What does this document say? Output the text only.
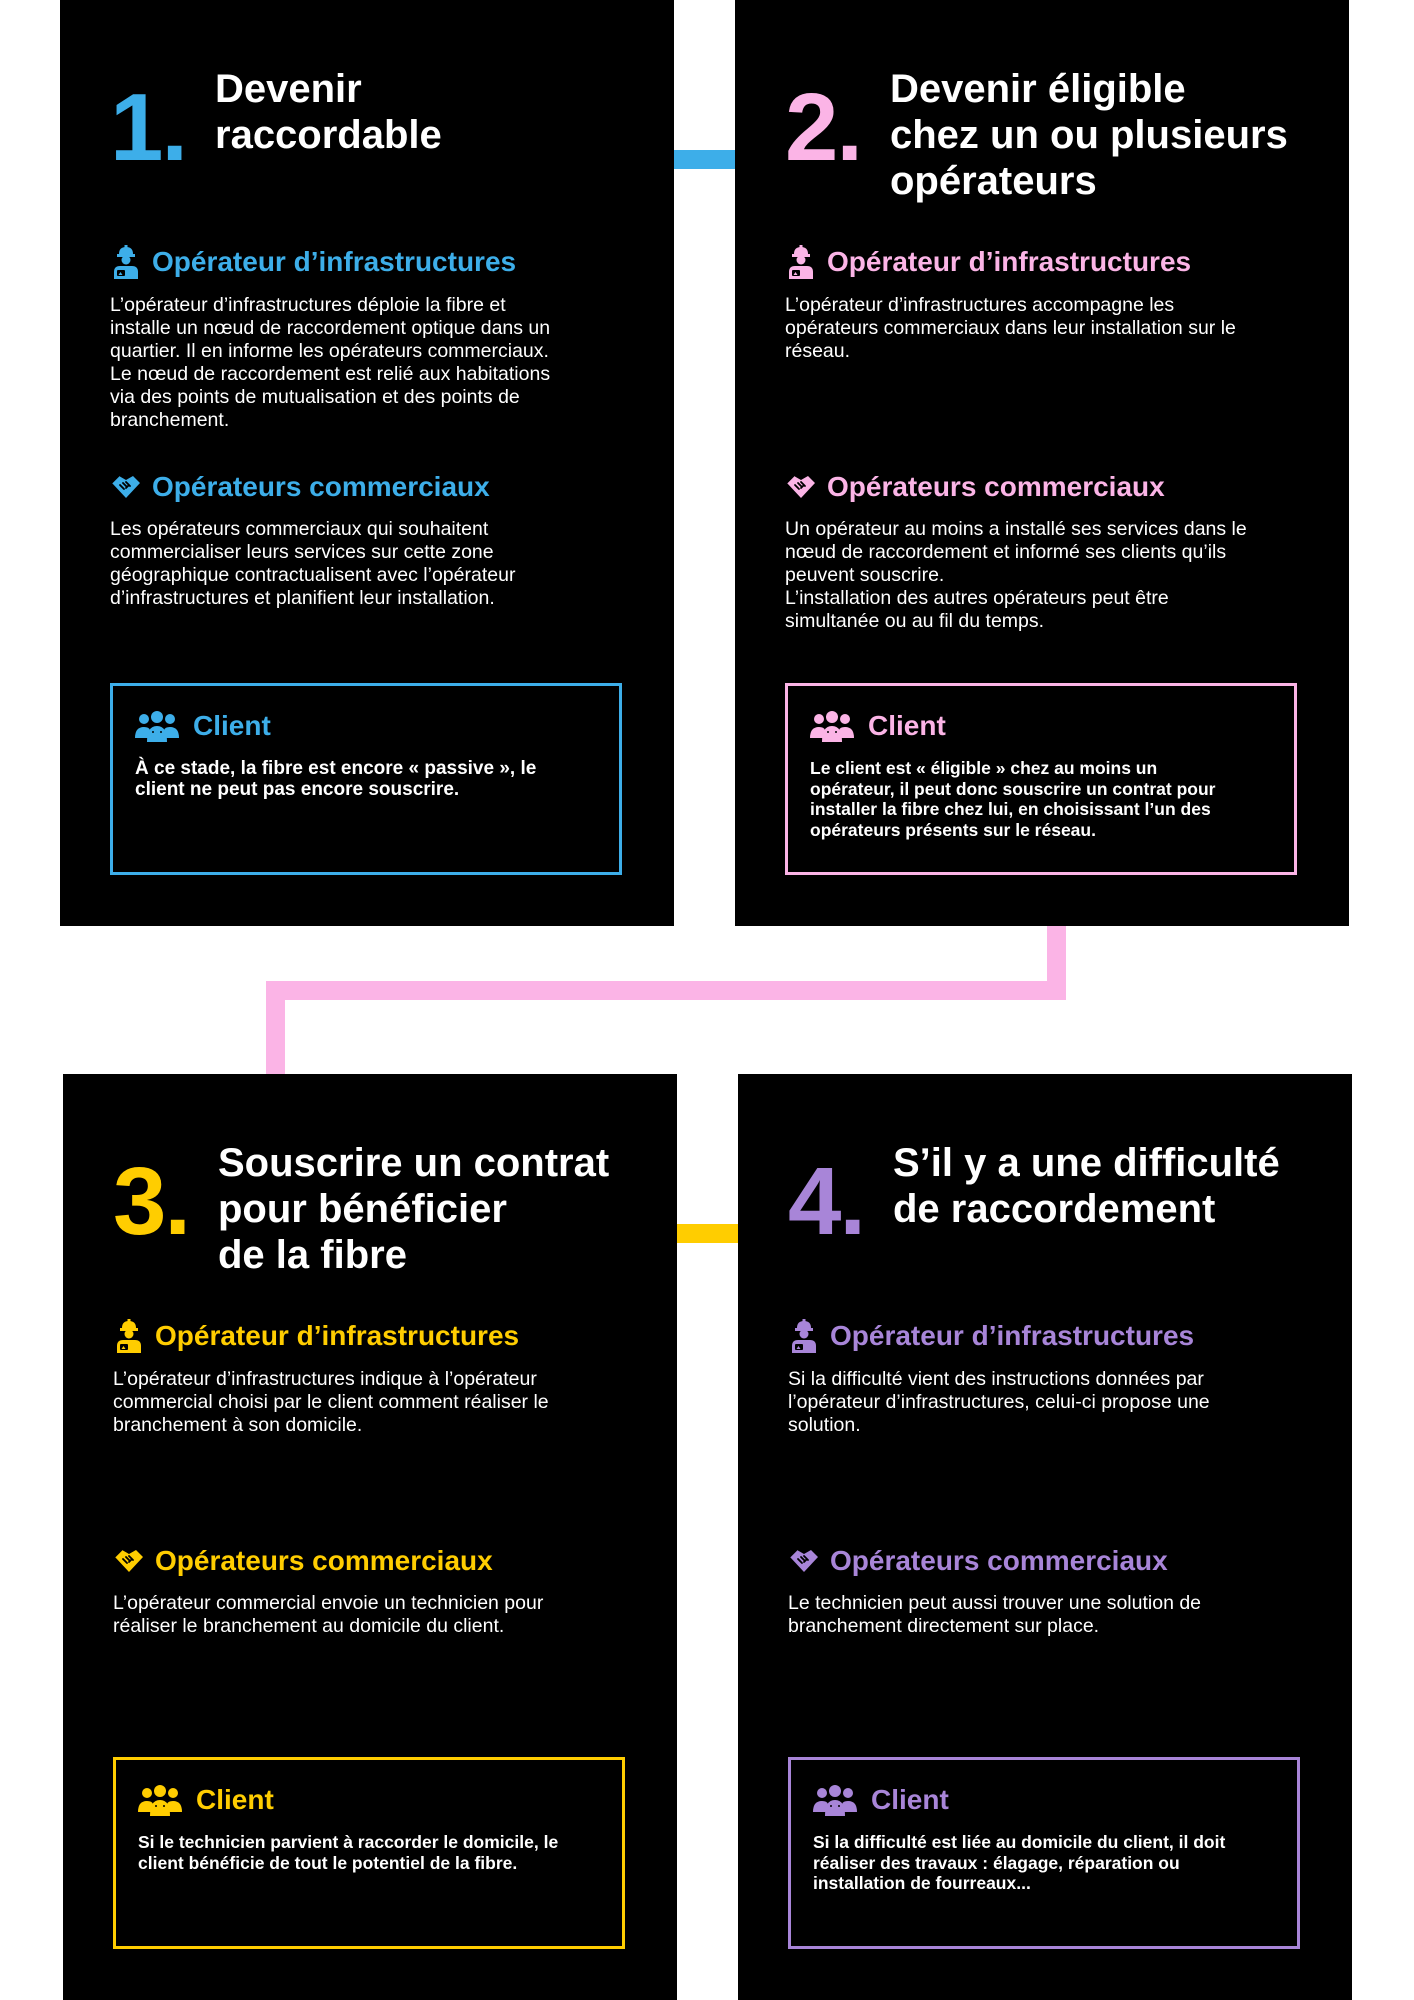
1. Devenir
raccordable
Opérateur d’infrastructures
L’opérateur d’infrastructures déploie la fibre et
installe un nœud de raccordement optique dans un
quartier. Il en informe les opérateurs commerciaux.
Le nœud de raccordement est relié aux habitations
via des points de mutualisation et des points de
branchement.
Opérateurs commerciaux
Les opérateurs commerciaux qui souhaitent
commercialiser leurs services sur cette zone
géographique contractualisent avec l’opérateur
d’infrastructures et planifient leur installation.
Client
À ce stade, la fibre est encore « passive », le
client ne peut pas encore souscrire.
2. Devenir éligible
chez un ou plusieurs
opérateurs
Opérateur d’infrastructures
L’opérateur d’infrastructures accompagne les
opérateurs commerciaux dans leur installation sur le
réseau.
Opérateurs commerciaux
Un opérateur au moins a installé ses services dans le
nœud de raccordement et informé ses clients qu’ils
peuvent souscrire.
L’installation des autres opérateurs peut être
simultanée ou au fil du temps.
Client
Le client est « éligible » chez au moins un
opérateur, il peut donc souscrire un contrat pour
installer la fibre chez lui, en choisissant l’un des
opérateurs présents sur le réseau.
3. Souscrire un contrat
pour bénéficier
de la fibre
Opérateur d’infrastructures
L’opérateur d’infrastructures indique à l’opérateur
commercial choisi par le client comment réaliser le
branchement à son domicile.
Opérateurs commerciaux
L’opérateur commercial envoie un technicien pour
réaliser le branchement au domicile du client.
Client
Si le technicien parvient à raccorder le domicile, le
client bénéficie de tout le potentiel de la fibre.
4. S’il y a une difficulté
de raccordement
Opérateur d’infrastructures
Si la difficulté vient des instructions données par
l’opérateur d’infrastructures, celui-ci propose une
solution.
Opérateurs commerciaux
Le technicien peut aussi trouver une solution de
branchement directement sur place.
Client
Si la difficulté est liée au domicile du client, il doit
réaliser des travaux : élagage, réparation ou
installation de fourreaux...
